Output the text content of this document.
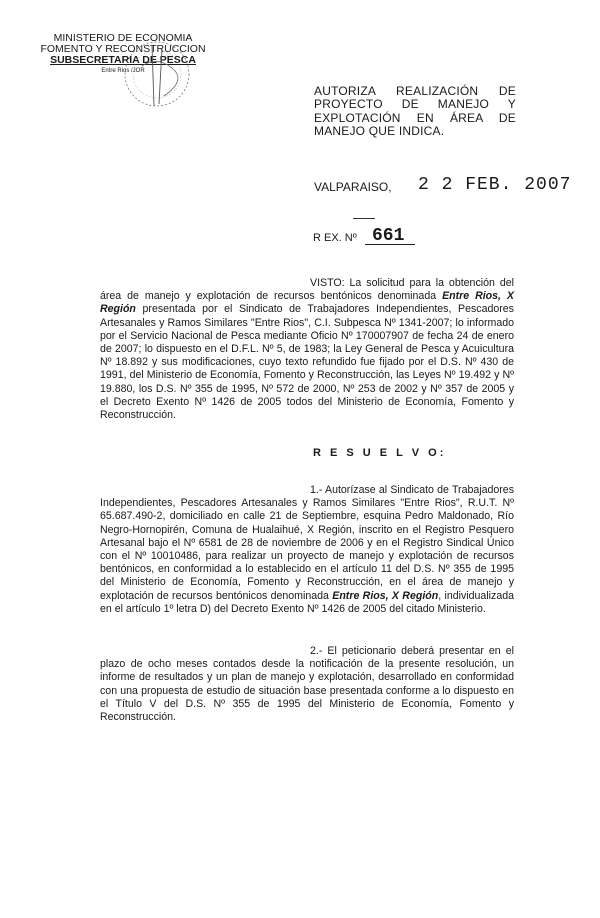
MINISTERIO DE ECONOMIA
FOMENTO Y RECONSTRUCCION
SUBSECRETARIA DE PESCA
Entre Rios /JOR
AUTORIZA REALIZACIÓN DE PROYECTO DE MANEJO Y EXPLOTACIÓN EN ÁREA DE MANEJO QUE INDICA.
VALPARAISO, 2 2 FEB. 2007
R EX. Nº 661
VISTO: La solicitud para la obtención del área de manejo y explotación de recursos bentónicos denominada Entre Rios, X Región presentada por el Sindicato de Trabajadores Independientes, Pescadores Artesanales y Ramos Similares "Entre Rios", C.I. Subpesca Nº 1341-2007; lo informado por el Servicio Nacional de Pesca mediante Oficio Nº 170007907 de fecha 24 de enero de 2007; lo dispuesto en el D.F.L. Nº 5, de 1983; la Ley General de Pesca y Acuicultura Nº 18.892 y sus modificaciones, cuyo texto refundido fue fijado por el D.S. Nº 430 de 1991, del Ministerio de Economía, Fomento y Reconstrucción, las Leyes Nº 19.492 y Nº 19.880, los D.S. Nº 355 de 1995, Nº 572 de 2000, Nº 253 de 2002 y Nº 357 de 2005 y el Decreto Exento Nº 1426 de 2005 todos del Ministerio de Economía, Fomento y Reconstrucción.
R E S U E L V O:
1.- Autorízase al Sindicato de Trabajadores Independientes, Pescadores Artesanales y Ramos Similares "Entre Rios", R.U.T. Nº 65.687.490-2, domiciliado en calle 21 de Septiembre, esquina Pedro Maldonado, Río Negro-Hornopirén, Comuna de Hualaihué, X Región, inscrito en el Registro Pesquero Artesanal bajo el Nº 6581 de 28 de noviembre de 2006 y en el Registro Sindical Único con el Nº 10010486, para realizar un proyecto de manejo y explotación de recursos bentónicos, en conformidad a lo establecido en el artículo 11 del D.S. Nº 355 de 1995 del Ministerio de Economía, Fomento y Reconstrucción, en el área de manejo y explotación de recursos bentónicos denominada Entre Rios, X Región, individualizada en el artículo 1º letra D) del Decreto Exento Nº 1426 de 2005 del citado Ministerio.
2.- El peticionario deberá presentar en el plazo de ocho meses contados desde la notificación de la presente resolución, un informe de resultados y un plan de manejo y explotación, desarrollado en conformidad con una propuesta de estudio de situación base presentada conforme a lo dispuesto en el Título V del D.S. Nº 355 de 1995 del Ministerio de Economía, Fomento y Reconstrucción.
